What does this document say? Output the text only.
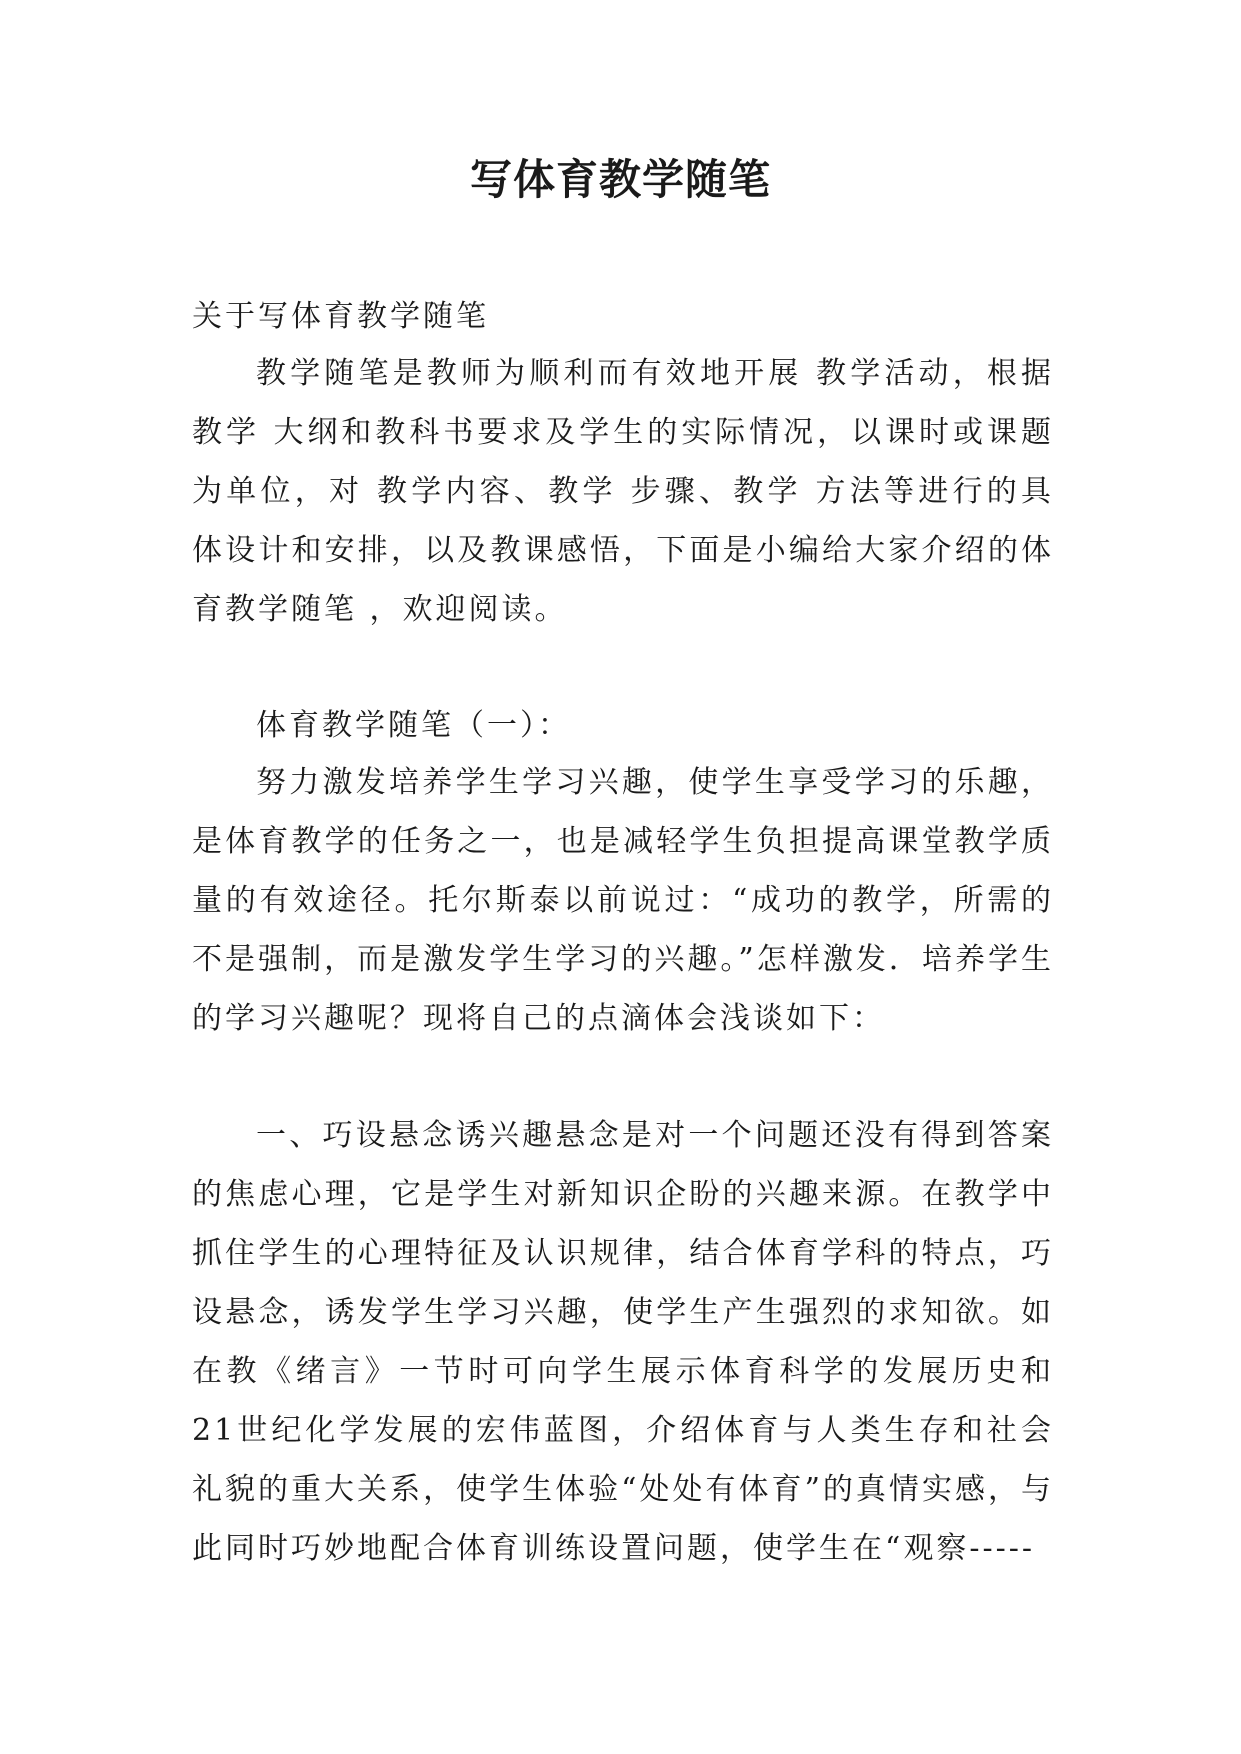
写体育教学随笔

关于写体育教学随笔

教学随笔是教师为顺利而有效地开展 教学活动，根据教学 大纲和教科书要求及学生的实际情况，以课时或课题为单位，对 教学内容、教学 步骤、教学 方法等进行的具体设计和安排，以及教课感悟，下面是小编给大家介绍的体育教学随笔 ，欢迎阅读。

体育教学随笔（一）：

努力激发培养学生学习兴趣，使学生享受学习的乐趣，是体育教学的任务之一，也是减轻学生负担提高课堂教学质量的有效途径。托尔斯泰以前说过：“成功的教学，所需的不是强制，而是激发学生学习的兴趣。”怎样激发．培养学生的学习兴趣呢？现将自己的点滴体会浅谈如下：

一、巧设悬念诱兴趣悬念是对一个问题还没有得到答案的焦虑心理，它是学生对新知识企盼的兴趣来源。在教学中抓住学生的心理特征及认识规律，结合体育学科的特点，巧设悬念，诱发学生学习兴趣，使学生产生强烈的求知欲。如在教《绪言》一节时可向学生展示体育科学的发展历史和21世纪化学发展的宏伟蓝图，介绍体育与人类生存和社会礼貌的重大关系，使学生体验“处处有体育”的真情实感，与此同时巧妙地配合体育训练设置问题，使学生在“观察-----
